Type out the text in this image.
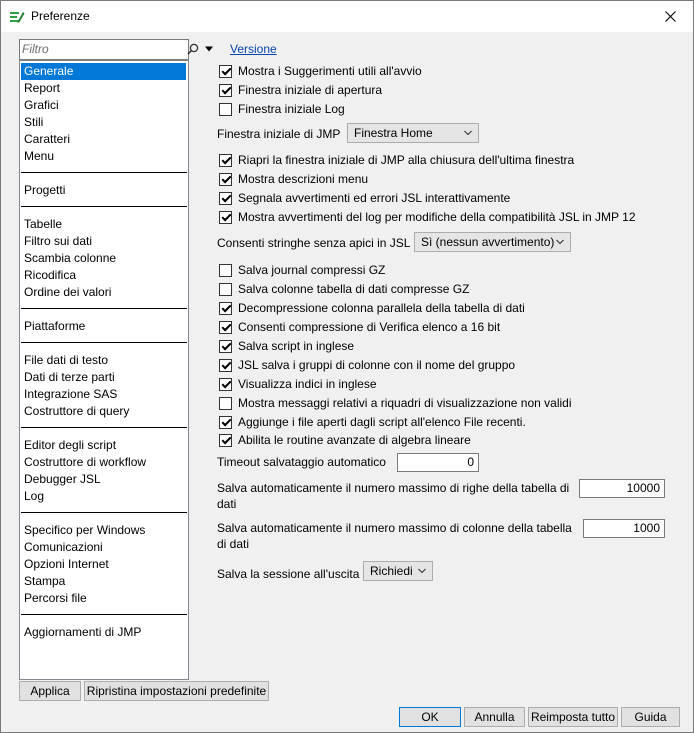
Preferenze
Filtro
Versione
Generale
Report
Grafici
Stili
Caratteri
Menu
Progetti
Tabelle
Filtro sui dati
Scambia colonne
Ricodifica
Ordine dei valori
Piattaforme
File dati di testo
Dati di terze parti
Integrazione SAS
Costruttore di query
Editor degli script
Costruttore di workflow
Debugger JSL
Log
Specifico per Windows
Comunicazioni
Opzioni Internet
Stampa
Percorsi file
Aggiornamenti di JMP
Mostra i Suggerimenti utili all'avvio
Finestra iniziale di apertura
Finestra iniziale Log
Finestra iniziale di JMP	Finestra Home
Riapri la finestra iniziale di JMP alla chiusura dell'ultima finestra
Mostra descrizioni menu
Segnala avvertimenti ed errori JSL interattivamente
Mostra avvertimenti del log per modifiche della compatibilità JSL in JMP 12
Consenti stringhe senza apici in JSL Sì (nessun avvertimento)
Salva journal compressi GZ
Salva colonne tabella di dati compresse GZ
Decompressione colonna parallela della tabella di dati
Consenti compressione di Verifica elenco a 16 bit
Salva script in inglese
JSL salva i gruppi di colonne con il nome del gruppo
Visualizza indici in inglese
Mostra messaggi relativi a riquadri di visualizzazione non validi
Aggiunge i file aperti dagli script all'elenco File recenti.
Abilita le routine avanzate di algebra lineare
Timeout salvataggio automatico	0
Salva automaticamente il numero massimo di righe della tabella di
dati
10000
Salva automaticamente il numero massimo di colonne della tabella
di dati
1000
Salva la sessione all'uscita Richiedi
Applica	Ripristina impostazioni predefinite
OK	Annulla	Reimposta tutto	Guida
